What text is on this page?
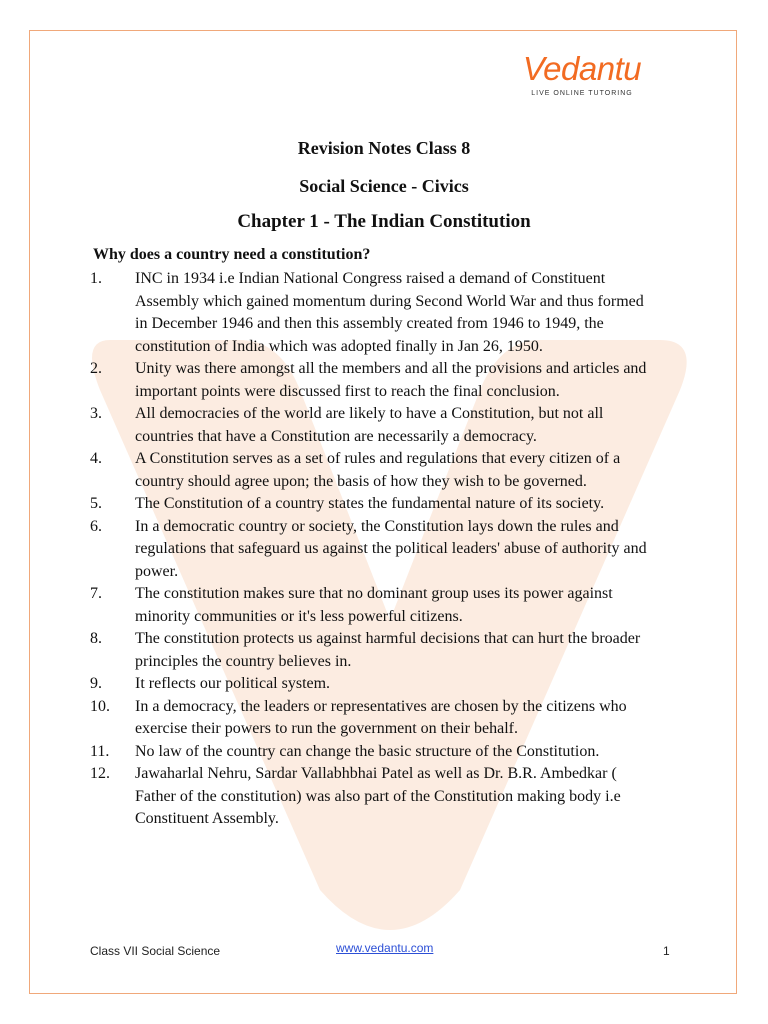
Vedantu
LIVE ONLINE TUTORING
Revision Notes Class 8
Social Science - Civics
Chapter 1 - The Indian Constitution
Why does a country need a constitution?
1.	INC in 1934 i.e Indian National Congress raised a demand of Constituent Assembly which gained momentum during Second World War and thus formed in December 1946 and then this assembly created from 1946 to 1949, the constitution of India which was adopted finally in Jan 26, 1950.
2.	Unity was there amongst all the members and all the provisions and articles and important points were discussed first to reach the final conclusion.
3.	All democracies of the world are likely to have a Constitution, but not all countries that have a Constitution are necessarily a democracy.
4.	A Constitution serves as a set of rules and regulations that every citizen of a country should agree upon; the basis of how they wish to be governed.
5.	The Constitution of a country states the fundamental nature of its society.
6.	In a democratic country or society, the Constitution lays down the rules and regulations that safeguard us against the political leaders' abuse of authority and power.
7.	The constitution makes sure that no dominant group uses its power against minority communities or it's less powerful citizens.
8.	The constitution protects us against harmful decisions that can hurt the broader principles the country believes in.
9.	It reflects our political system.
10.	In a democracy, the leaders or representatives are chosen by the citizens who exercise their powers to run the government on their behalf.
11.	No law of the country can change the basic structure of the Constitution.
12.	Jawaharlal Nehru, Sardar Vallabhbhai Patel as well as Dr. B.R. Ambedkar ( Father of the constitution) was also part of the Constitution making body i.e Constituent Assembly.
Class VII Social Science	www.vedantu.com	1
